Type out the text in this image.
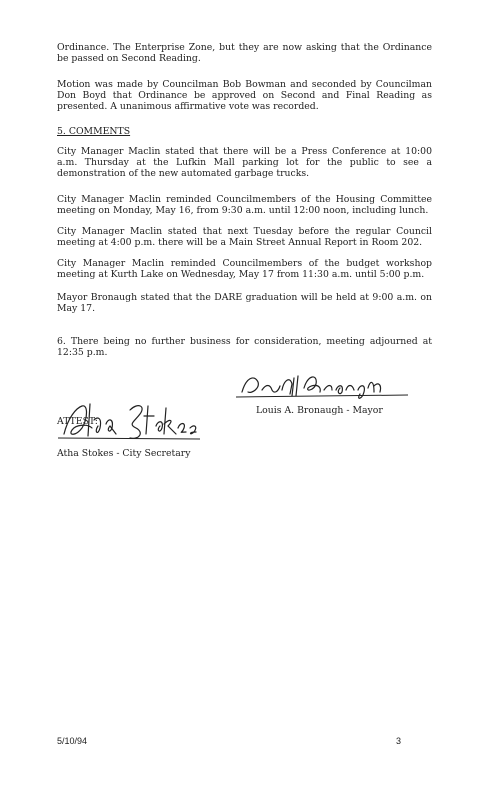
Ordinance. The Enterprise Zone, but they are now asking that the Ordinance be passed on Second Reading.

Motion was made by Councilman Bob Bowman and seconded by Councilman Don Boyd that Ordinance be approved on Second and Final Reading as presented. A unanimous affirmative vote was recorded.

5. COMMENTS

City Manager Maclin stated that there will be a Press Conference at 10:00 a.m. Thursday at the Lufkin Mall parking lot for the public to see a demonstration of the new automated garbage trucks.

City Manager Maclin reminded Councilmembers of the Housing Committee meeting on Monday, May 16, from 9:30 a.m. until 12:00 noon, including lunch.

City Manager Maclin stated that next Tuesday before the regular Council meeting at 4:00 p.m. there will be a Main Street Annual Report in Room 202.

City Manager Maclin reminded Councilmembers of the budget workshop meeting at Kurth Lake on Wednesday, May 17 from 11:30 a.m. until 5:00 p.m.

Mayor Bronaugh stated that the DARE graduation will be held at 9:00 a.m. on May 17.

6. There being no further business for consideration, meeting adjourned at 12:35 p.m.

Louis A. Bronaugh - Mayor
ATTEST:
Atha Stokes - City Secretary
5/10/94	3
